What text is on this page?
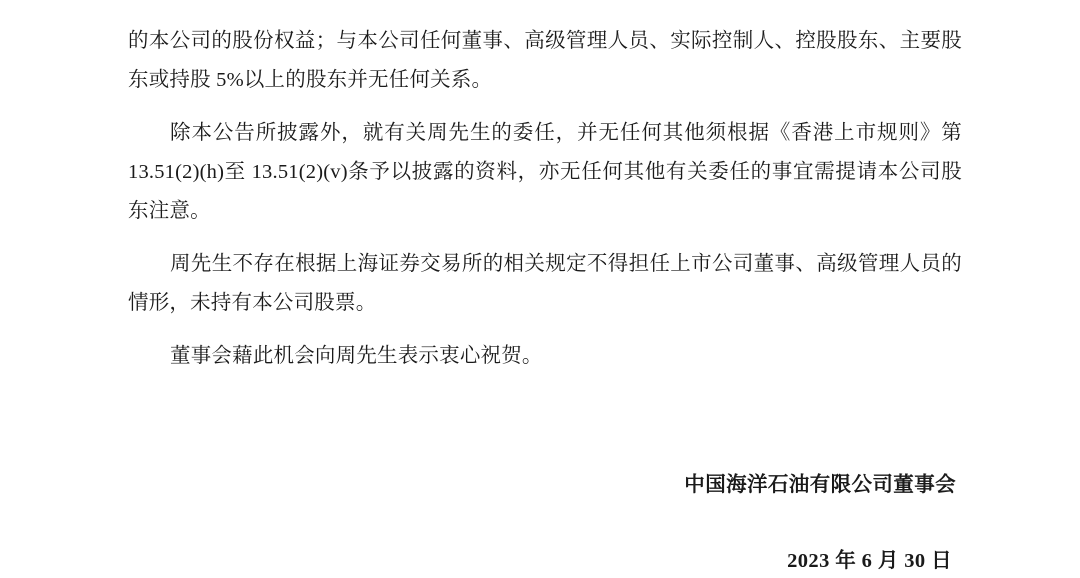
的本公司的股份权益；与本公司任何董事、高级管理人员、实际控制人、控股股东、主要股东或持股 5%以上的股东并无任何关系。

除本公告所披露外，就有关周先生的委任，并无任何其他须根据《香港上市规则》第 13.51(2)(h)至 13.51(2)(v)条予以披露的资料，亦无任何其他有关委任的事宜需提请本公司股东注意。

周先生不存在根据上海证券交易所的相关规定不得担任上市公司董事、高级管理人员的情形，未持有本公司股票。

董事会藉此机会向周先生表示衷心祝贺。

中国海洋石油有限公司董事会
2023 年 6 月 30 日
